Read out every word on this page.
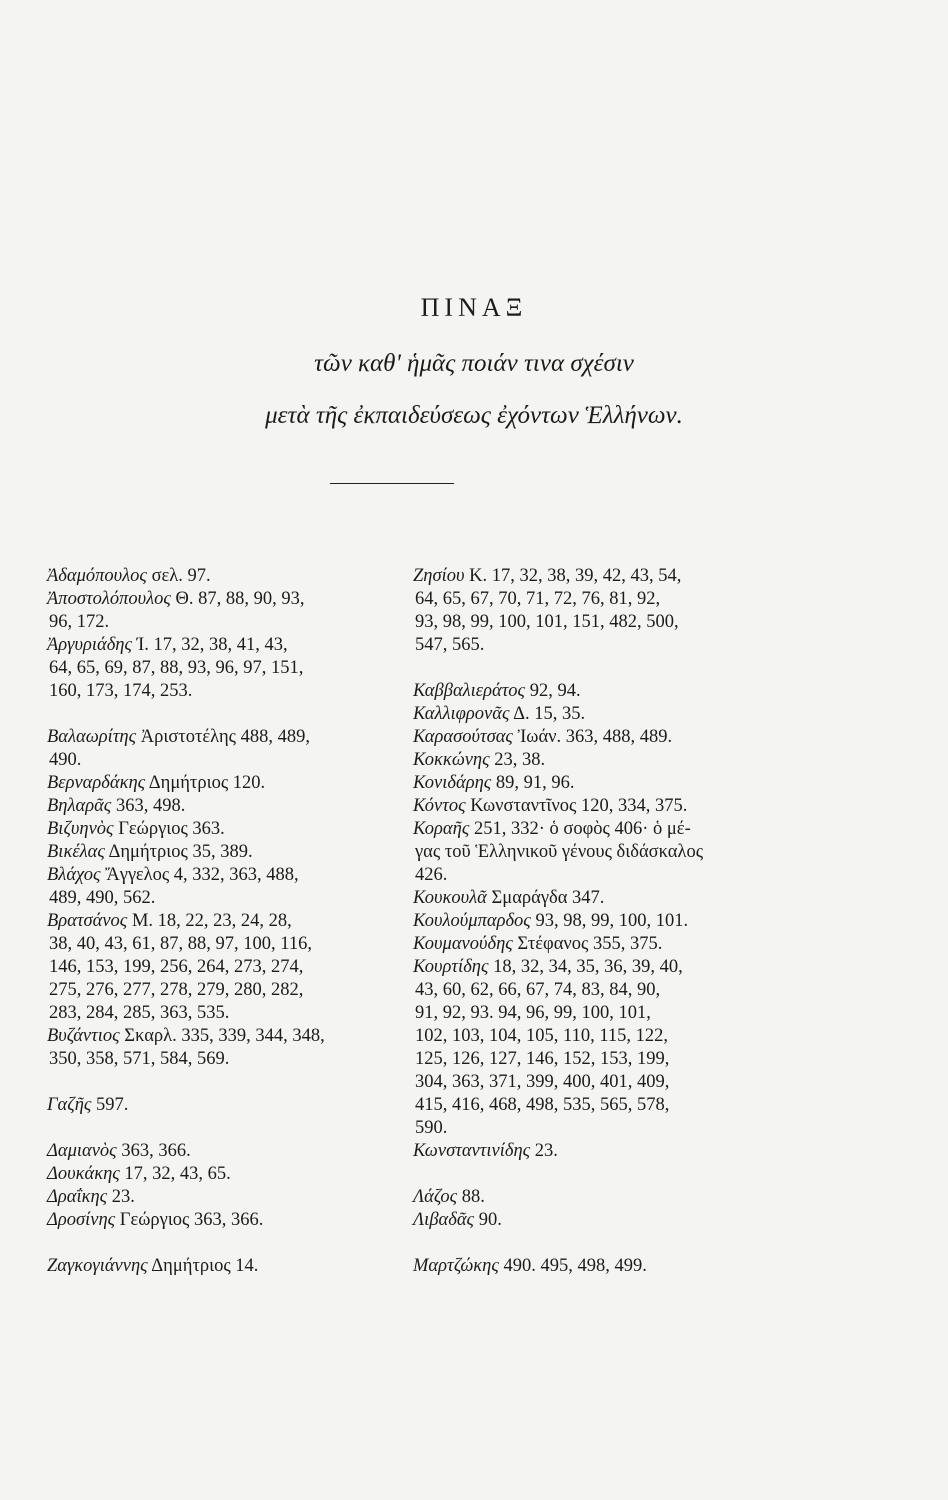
ΠΙΝΑΞ
τῶν καθ' ἡμᾶς ποιάν τινα σχέσιν
μετὰ τῆς ἐκπαιδεύσεως ἐχόντων Ἑλλήνων.
Ἀδαμόπουλος σελ. 97.
Ἀποστολόπουλος Θ. 87, 88, 90, 93,
96, 172.
Ἀργυριάδης Ί. 17, 32, 38, 41, 43,
64, 65, 69, 87, 88, 93, 96, 97, 151,
160, 173, 174, 253.
Βαλαωρίτης Ἀριστοτέλης 488, 489,
490.
Βερναρδάκης Δημήτριος 120.
Βηλαρᾶς 363, 498.
Βιζυηνὸς Γεώργιος 363.
Βικέλας Δημήτριος 35, 389.
Βλάχος Ἄγγελος 4, 332, 363, 488,
489, 490, 562.
Βρατσάνος Μ. 18, 22, 23, 24, 28,
38, 40, 43, 61, 87, 88, 97, 100, 116,
146, 153, 199, 256, 264, 273, 274,
275, 276, 277, 278, 279, 280, 282,
283, 284, 285, 363, 535.
Βυζάντιος Σκαρλ. 335, 339, 344, 348,
350, 358, 571, 584, 569.
Γαζῆς 597.
Δαμιανὸς 363, 366.
Δουκάκης 17, 32, 43, 65.
Δραΐκης 23.
Δροσίνης Γεώργιος 363, 366.
Ζαγκογιάννης Δημήτριος 14.
Ζησίου Κ. 17, 32, 38, 39, 42, 43, 54,
64, 65, 67, 70, 71, 72, 76, 81, 92,
93, 98, 99, 100, 101, 151, 482, 500,
547, 565.
Καββαλιεράτος 92, 94.
Καλλιφρονᾶς Δ. 15, 35.
Καρασούτσας Ἰωάν. 363, 488, 489.
Κοκκώνης 23, 38.
Κονιδάρης 89, 91, 96.
Κόντος Κωνσταντῖνος 120, 334, 375.
Κοραῆς 251, 332· ὁ σοφὸς 406· ὁ μέ-
γας τοῦ Ἑλληνικοῦ γένους διδάσκαλος
426.
Κουκουλᾶ Σμαράγδα 347.
Κουλούμπαρδος 93, 98, 99, 100, 101.
Κουμανούδης Στέφανος 355, 375.
Κουρτίδης 18, 32, 34, 35, 36, 39, 40,
43, 60, 62, 66, 67, 74, 83, 84, 90,
91, 92, 93. 94, 96, 99, 100, 101,
102, 103, 104, 105, 110, 115, 122,
125, 126, 127, 146, 152, 153, 199,
304, 363, 371, 399, 400, 401, 409,
415, 416, 468, 498, 535, 565, 578,
590.
Κωνσταντινίδης 23.
Λάζος 88.
Λιβαδᾶς 90.
Μαρτζώκης 490. 495, 498, 499.
